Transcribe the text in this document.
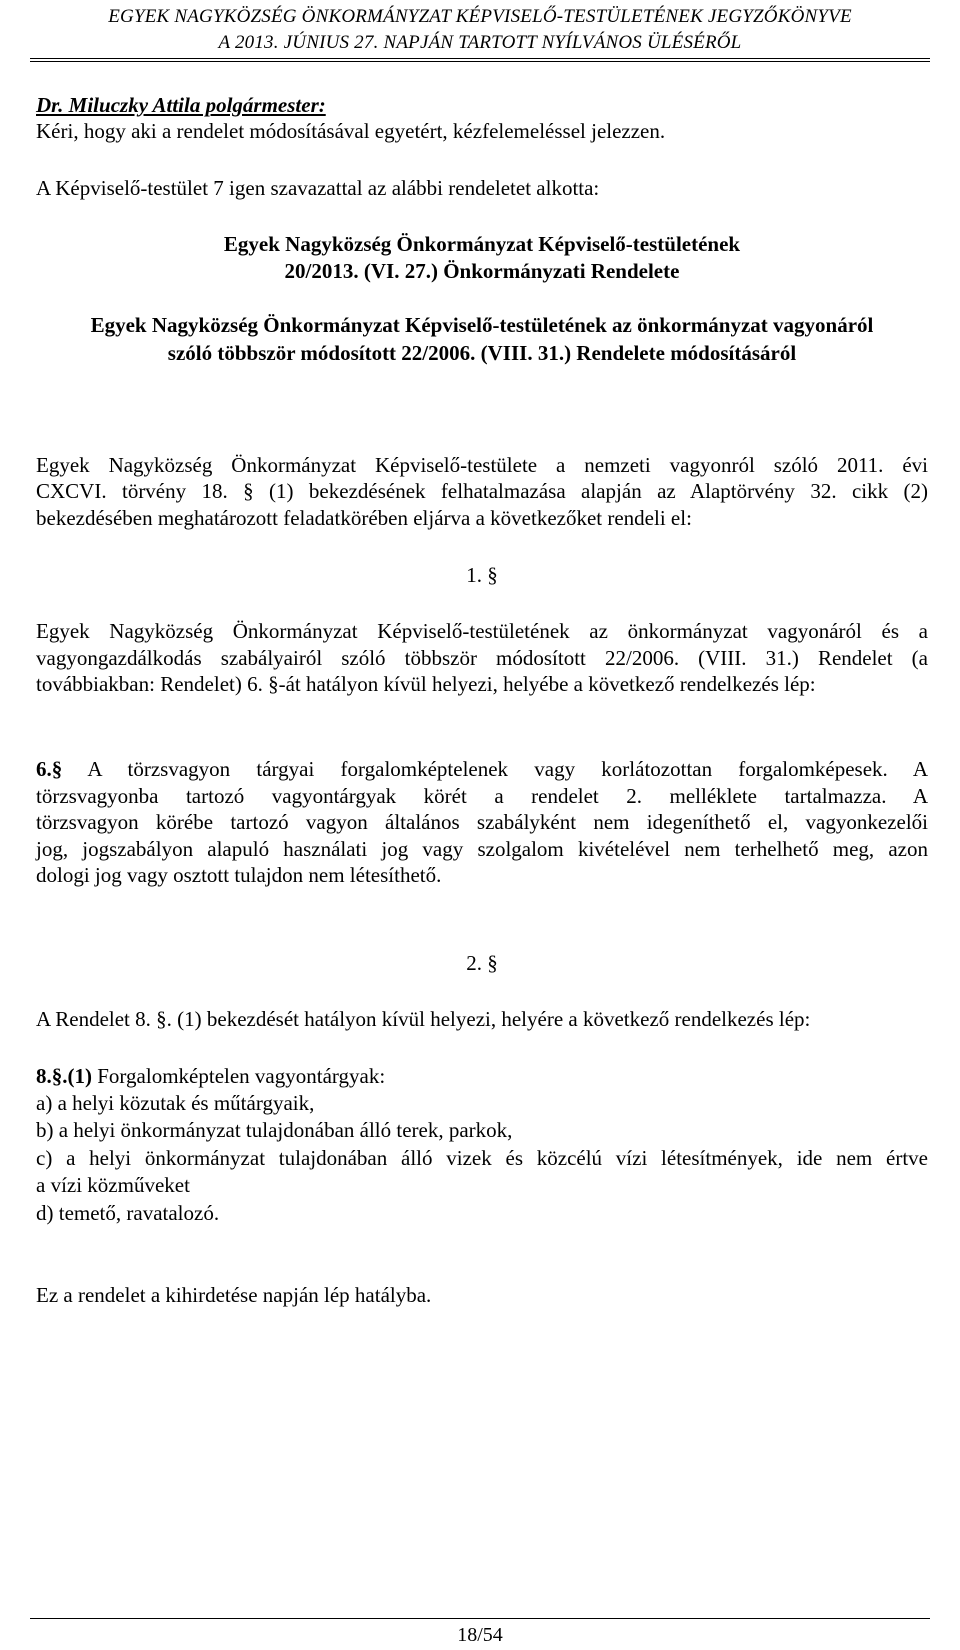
EGYEK NAGYKÖZSÉG ÖNKORMÁNYZAT KÉPVISELŐ-TESTÜLETÉNEK JEGYZŐKÖNYVE
A 2013. JÚNIUS 27. NAPJÁN TARTOTT NYÍLVÁNOS ÜLÉSÉRŐL
Dr. Miluczky Attila polgármester:
Kéri, hogy aki a rendelet módosításával egyetért, kézfelemeléssel jelezzen.
A Képviselő-testület 7 igen szavazattal az alábbi rendeletet alkotta:
Egyek Nagyközség Önkormányzat Képviselő-testületének
20/2013. (VI. 27.) Önkormányzati Rendelete
Egyek Nagyközség Önkormányzat Képviselő-testületének az önkormányzat vagyonáról
szóló többször módosított 22/2006. (VIII. 31.) Rendelete módosításáról
Egyek Nagyközség Önkormányzat Képviselő-testülete a nemzeti vagyonról szóló 2011. évi
CXCVI. törvény 18. § (1) bekezdésének felhatalmazása alapján az Alaptörvény 32. cikk (2)
bekezdésében meghatározott feladatkörében eljárva a következőket rendeli el:
1. §
Egyek Nagyközség Önkormányzat Képviselő-testületének az önkormányzat vagyonáról és a
vagyongazdálkodás szabályairól szóló többször módosított 22/2006. (VIII. 31.) Rendelet (a
továbbiakban: Rendelet) 6. §-át hatályon kívül helyezi, helyébe a következő rendelkezés lép:
6.§ A törzsvagyon tárgyai forgalomképtelenek vagy korlátozottan forgalomképesek. A
törzsvagyonba tartozó vagyontárgyak körét a rendelet 2. melléklete tartalmazza. A
törzsvagyon körébe tartozó vagyon általános szabályként nem idegeníthető el, vagyonkezelői
jog, jogszabályon alapuló használati jog vagy szolgalom kivételével nem terhelhető meg, azon
dologi jog vagy osztott tulajdon nem létesíthető.
2. §
A Rendelet 8. §. (1) bekezdését hatályon kívül helyezi, helyére a következő rendelkezés lép:
8.§.(1) Forgalomképtelen vagyontárgyak:
a) a helyi közutak és műtárgyaik,
b) a helyi önkormányzat tulajdonában álló terek, parkok,
c) a helyi önkormányzat tulajdonában álló vizek és közcélú vízi létesítmények, ide nem értve
a vízi közműveket
d) temető, ravatalozó.
Ez a rendelet a kihirdetése napján lép hatályba.
18/54
